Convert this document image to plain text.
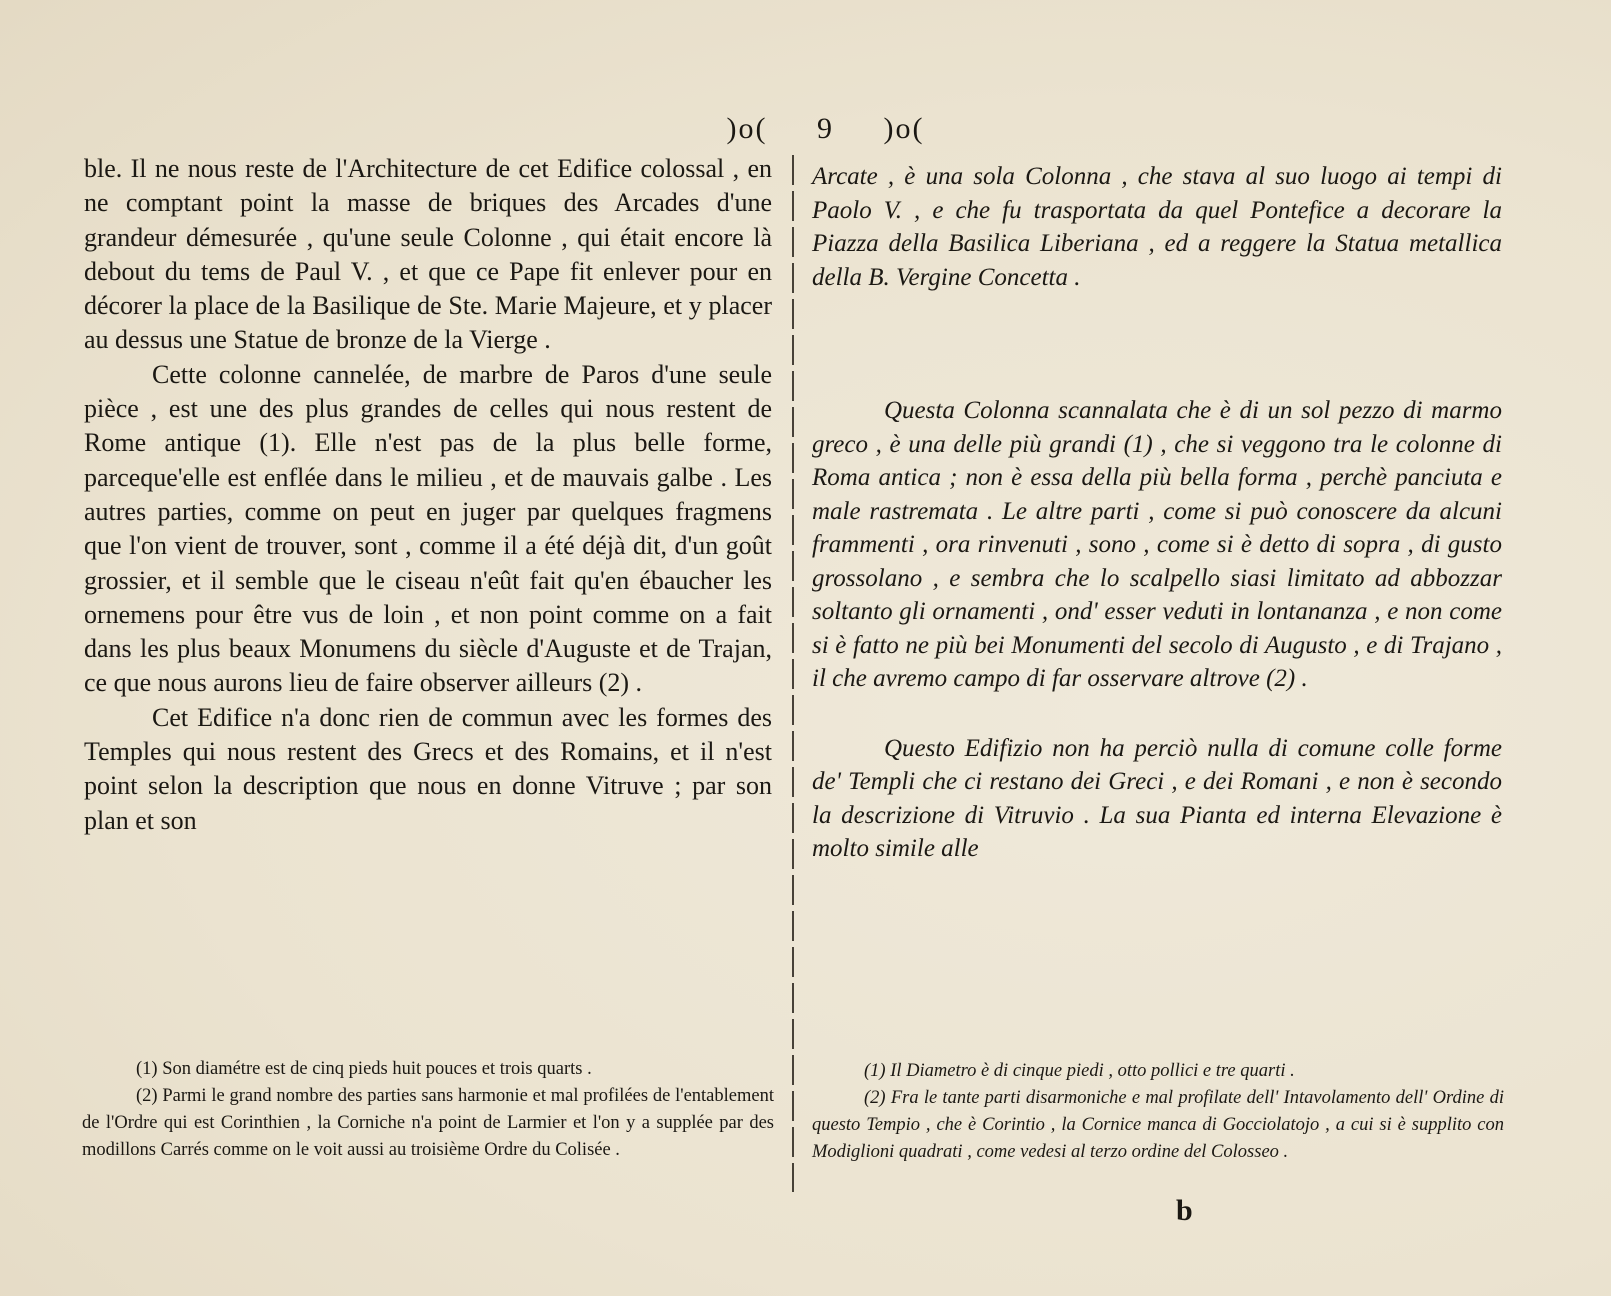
)o( 9 )o(

ble. Il ne nous reste de l'Architecture de cet Edifice colossal , en ne comptant point la masse de briques des Arcades d'une grandeur démesurée , qu'une seule Colonne , qui était encore là debout du tems de Paul V. , et que ce Pape fit enlever pour en décorer la place de la Basilique de Ste. Marie Majeure, et y placer au dessus une Statue de bronze de la Vierge .

Cette colonne cannelée, de marbre de Paros d'une seule pièce , est une des plus grandes de celles qui nous restent de Rome antique (1). Elle n'est pas de la plus belle forme, parceque'elle est enflée dans le milieu , et de mauvais galbe . Les autres parties, comme on peut en juger par quelques fragmens que l'on vient de trouver, sont , comme il a été déjà dit, d'un goût grossier, et il semble que le ciseau n'eût fait qu'en ébaucher les ornemens pour être vus de loin , et non point comme on a fait dans les plus beaux Monumens du siècle d'Auguste et de Trajan, ce que nous aurons lieu de faire observer ailleurs (2) .

Cet Edifice n'a donc rien de commun avec les formes des Temples qui nous restent des Grecs et des Romains, et il n'est point selon la description que nous en donne Vitruve ; par son plan et son

Arcate , è una sola Colonna , che stava al suo luogo ai tempi di Paolo V. , e che fu trasportata da quel Pontefice a decorare la Piazza della Basilica Liberiana , ed a reggere la Statua metallica della B. Vergine Concetta .

Questa Colonna scannalata che è di un sol pezzo di marmo greco , è una delle più grandi (1) , che si veggono tra le colonne di Roma antica ; non è essa della più bella forma , perchè panciuta e male rastremata . Le altre parti , come si può conoscere da alcuni frammenti , ora rinvenuti , sono , come si è detto di sopra , di gusto grossolano , e sembra che lo scalpello siasi limitato ad abbozzar soltanto gli ornamenti , ond' esser veduti in lontananza , e non come si è fatto ne più bei Monumenti del secolo di Augusto , e di Trajano , il che avremo campo di far osservare altrove (2) .

Questo Edifizio non ha perciò nulla di comune colle forme de' Templi che ci restano dei Greci , e dei Romani , e non è secondo la descrizione di Vitruvio . La sua Pianta ed interna Elevazione è molto simile alle

(1) Son diamétre est de cinq pieds huit pouces et trois quarts .

(2) Parmi le grand nombre des parties sans harmonie et mal profilées de l'entablement de l'Ordre qui est Corinthien , la Corniche n'a point de Larmier et l'on y a supplée par des modillons Carrés comme on le voit aussi au troisième Ordre du Colisée .

(1) Il Diametro è di cinque piedi , otto pollici e tre quarti .

(2) Fra le tante parti disarmoniche e mal profilate dell' Intavolamento dell' Ordine di questo Tempio , che è Corintio , la Cornice manca di Gocciolatojo , a cui si è supplito con Modiglioni quadrati , come vedesi al terzo ordine del Colosseo .

b
